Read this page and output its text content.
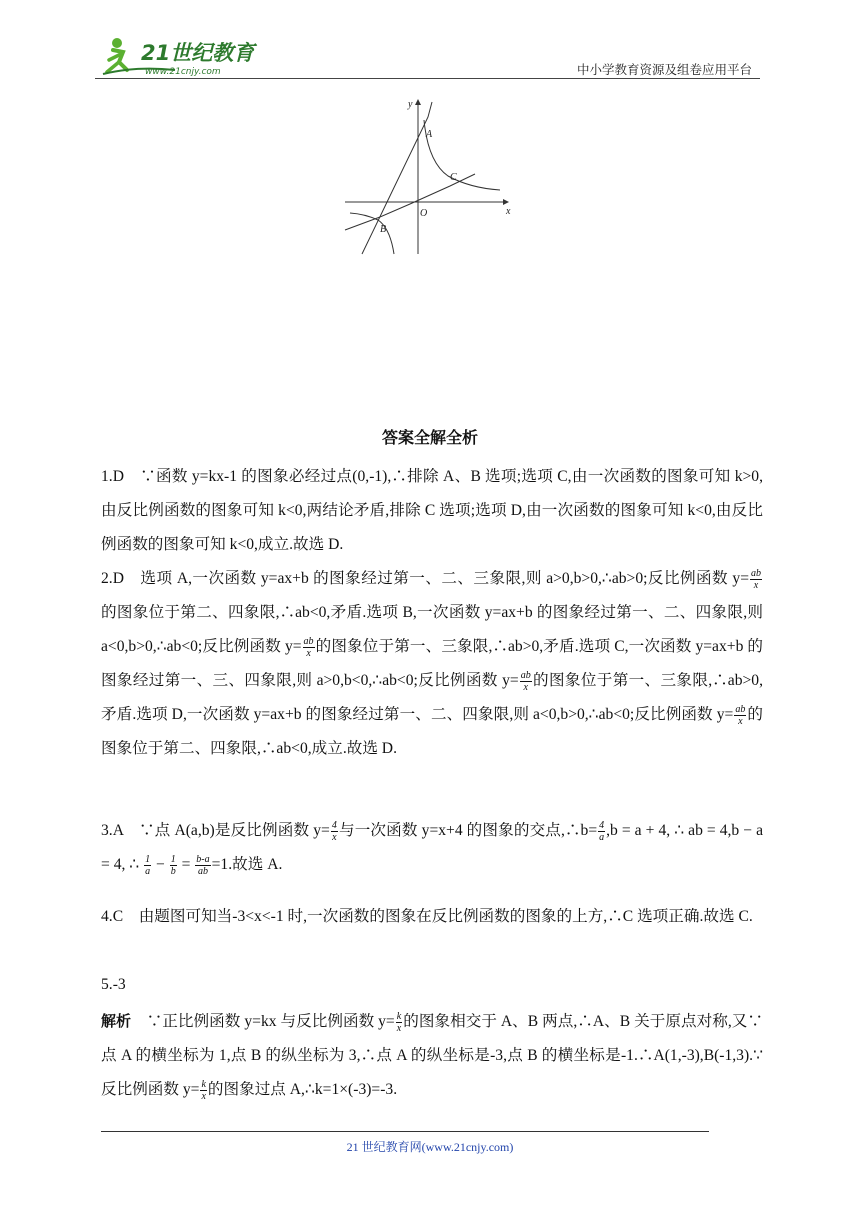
21世纪教育
www.21cnjy.com	中小学教育资源及组卷应用平台
y
x
O
A
B
C
答案全解全析
1.D　∵函数 y=kx-1 的图象必经过点(0,-1),∴排除 A、B 选项;选项 C,由一次函数的图象可知 k>0,由反比例函数的图象可知 k<0,两结论矛盾,排除 C 选项;选项 D,由一次函数的图象可知 k<0,由反比例函数的图象可知 k<0,成立.故选 D.
2.D　选项 A,一次函数 y=ax+b 的图象经过第一、二、三象限,则 a>0,b>0,∴ab>0;反比例函数 $y= \frac{ab}{x}$
的图象位于第二、四象限,∴ab<0,矛盾.选项 B,一次函数 y=ax+b 的图象经过第一、二、四象限,则 a<0,b>0,∴ab<0;反比例函数 $y= \frac{ab}{x}$ 的图象位于第一、三象限,∴ab>0,矛盾.选项 C,一次函数 y=ax+b 的图象经过第一、三、四象限,则 a>0,b<0,∴ab<0;反比例函数 $y= \frac{ab}{x}$ 的图象位于第一、三象限,∴ab>0,矛盾.选项 D,一次函数 y=ax+b 的图象经过第一、二、四象限,则 a<0,b>0,∴ab<0;反比例函数 $y= \frac{ab}{x}$ 的图象位于第二、四象限,∴ab<0,成立.故选 D.
3.A　∵点 A(a,b)是反比例函数 $y= \frac{4}{x}$ 与一次函数 y=x+4 的图象的交点,∴b= $\frac{4}{a} ,b = a + 4$, ∴ ab = 4,b − a = 4, ∴ $\frac{1}{a} - \frac{1}{b} = \frac{b-a}{ab} =1$.故选 A.
4.C　由题图可知当-3<x<-1 时,一次函数的图象在反比例函数的图象的上方,∴C 选项正确.故选 C.
5.-3
解析　∵正比例函数 y=kx 与反比例函数 $y= \frac{k}{x}$ 的图象相交于 A、B 两点,∴A、B 关于原点对称,又∵点 A 的横坐标为 1,点 B 的纵坐标为 3,∴点 A 的纵坐标是-3,点 B 的横坐标是-1.∴A(1,-3),B(-1,3).∵反比例函数 $y= \frac{k}{x}$ 的图象过点 A,∴k=1×(-3)=-3.
21 世纪教育网(www.21cnjy.com)
